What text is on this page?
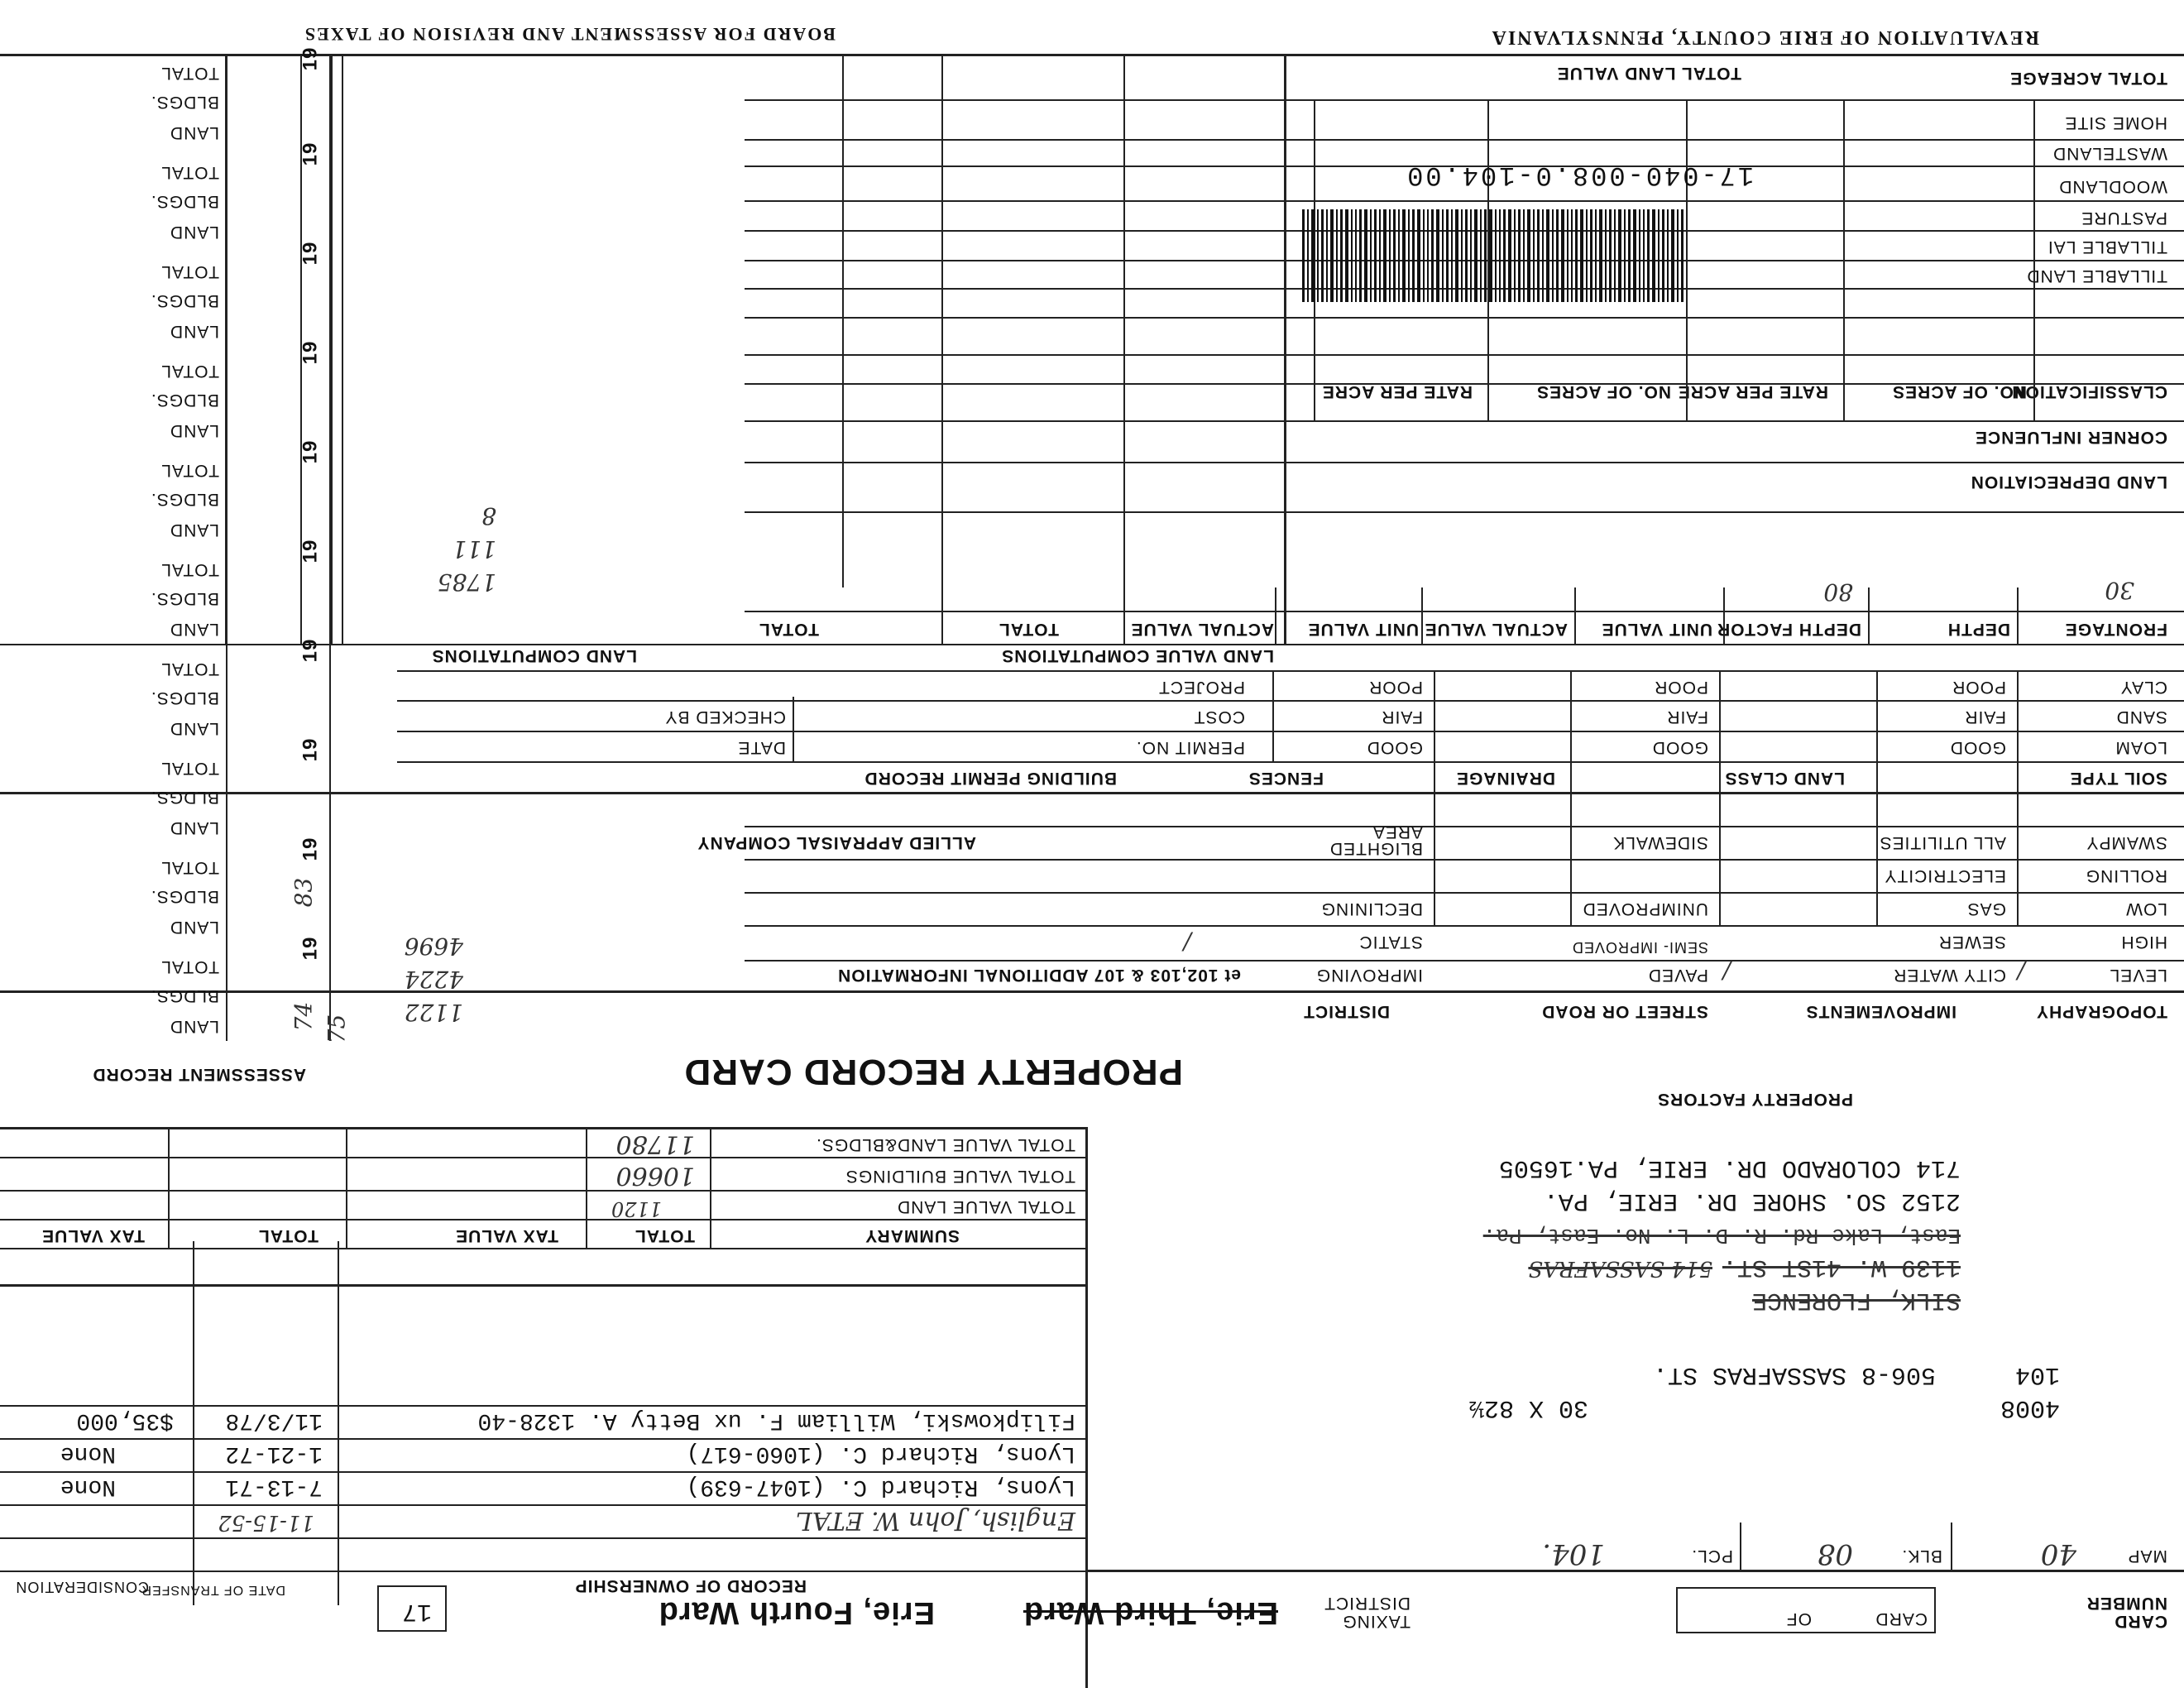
REVALUATION OF ERIE COUNTY, PENNSYLVANIA
BOARD FOR ASSESSMENT AND REVISION OF TAXES
TOTAL ACREAGE
TOTAL LAND VALUE
HOME SITE
WASTELAND
WOODLAND
PASTURE
TILLABLE LAI
TILLABLE LAND
CLASSIFICATION
NO. OF ACRES
RATE PER ACRE
NO. OF ACRES
RATE PER ACRE
CORNER INFLUENCE
LAND DEPRECIATION
17-040-008.0-104.00
FRONTAGE
DEPTH
DEPTH FACTOR
UNIT VALUE
ACTUAL VALUE
UNIT VALUE
ACTUAL VALUE
TOTAL
TOTAL
30
80
LAND VALUE COMPUTATIONS
LAND COMPUTATIONS
CLAY
SAND
LOAM
SOIL TYPE
POOR
FAIR
GOOD
LAND CLASS
POOR
FAIR
GOOD
DRAINAGE
POOR
FAIR
GOOD
FENCES
PROJECT
COST
PERMIT NO.
CHECKED BY
DATE
BUILDING PERMIT RECORD
SWAMPY
ROLLING
LOW
HIGH
LEVEL
TOPOGRAPHY
ALL UTILITIES
ELECTRICITY
GAS
SEWER
CITY WATER
IMPROVEMENTS
SIDEWALK
UNIMPROVED
SEMI- IMPROVED
PAVED
STREET OR ROAD
BLIGHTED AREA
DECLINING
STATIC
IMPROVING
DISTRICT
ALLIED APPRAISAL COMPANY
et 102,103 & 107 ADDITIONAL INFORMATION
PROPERTY FACTORS
PROPERTY RECORD CARD
/
/
/
ASSESSMENT RECORD
TOTAL
BLDGS.
LAND
TOTAL
BLDGS.
LAND
TOTAL
BLDGS.
LAND
TOTAL
BLDGS.
LAND
TOTAL
BLDGS.
LAND
TOTAL
BLDGS.
LAND
TOTAL
BLDGS.
LAND
TOTAL
BLDGS.
LAND
TOTAL
BLDGS.
LAND
TOTAL
BLDGS.
LAND
19
19
19
19
19
19
19
19
19
19
75
83
74
4696
4224
1122
8
111
1785
TOTAL VALUE LAND&BLDGS.
TOTAL VALUE BUILDINGS
TOTAL VALUE LAND
SUMMARY
TOTAL
TAX VALUE
TOTAL
TAX VALUE
11780
10660
1120
SILK, FLORENCE
1139 W. 41ST ST.
514 SASSAFRAS
East, Lake Rd. R. D. L. No. East, Pa.
2152 SO. SHORE DR. ERIE, PA.
714 COLORADO DR. ERIE, PA.16505
104
506-8 SASSAFRAS ST.
4008
30 X 82½
RECORD OF OWNERSHIP
DATE OF TRANSFER
CONSIDERATION
Filipkowski, William F. ux Betty A. 1328-40
11/3/78
$35,000
Lyons, Richard C. (1060-617)
1-21-72
None
Lyons, Richard C. (1047-639)
7-13-71
None
English, John W. ETAL
11-15-52
MAP
40
BLK.
08
PCL.
104.
CARD NUMBER
CARD
OF
TAXING DISTRICT
Erie, Third Ward
Erie, Fourth Ward
17
